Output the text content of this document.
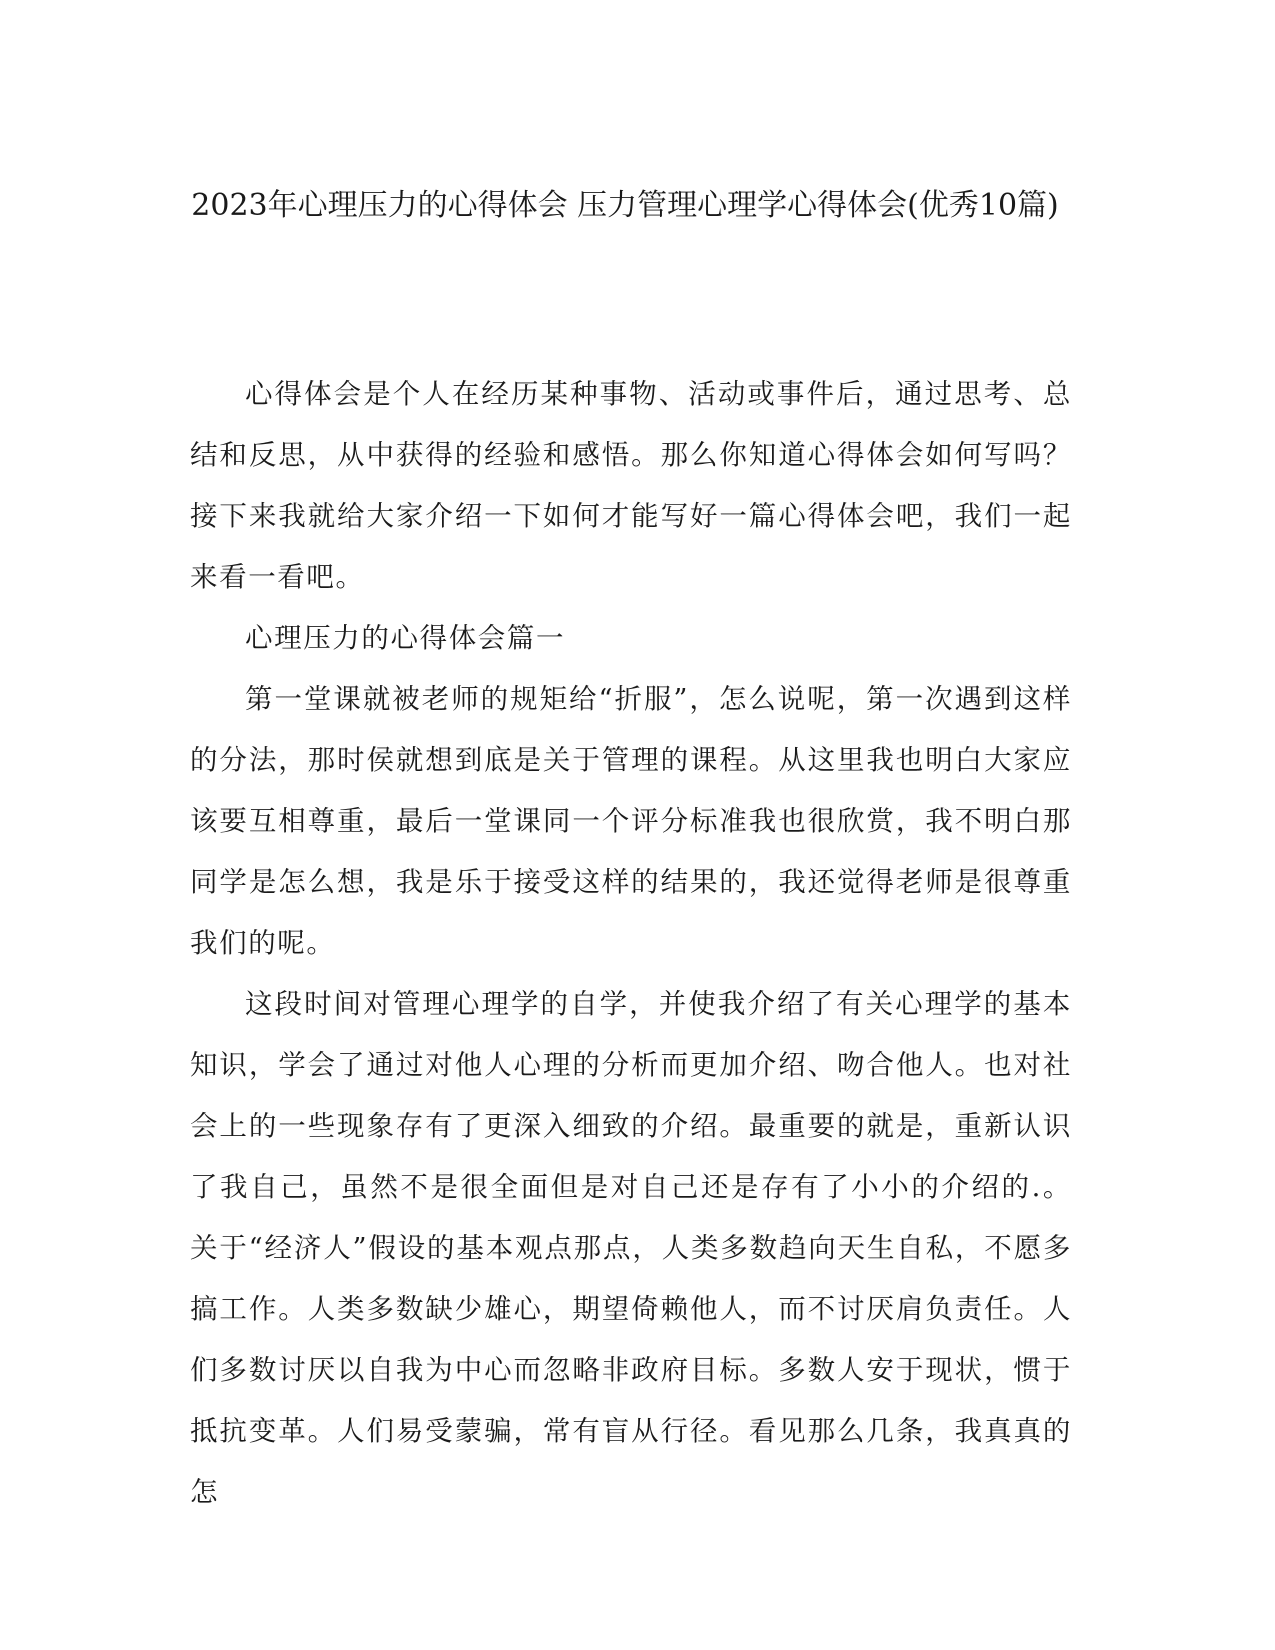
2023年心理压力的心得体会 压力管理心理学心得体会(优秀10篇)

心得体会是个人在经历某种事物、活动或事件后，通过思考、总结和反思，从中获得的经验和感悟。那么你知道心得体会如何写吗？接下来我就给大家介绍一下如何才能写好一篇心得体会吧，我们一起来看一看吧。

心理压力的心得体会篇一

第一堂课就被老师的规矩给“折服”，怎么说呢，第一次遇到这样的分法，那时侯就想到底是关于管理的课程。从这里我也明白大家应该要互相尊重，最后一堂课同一个评分标准我也很欣赏，我不明白那同学是怎么想，我是乐于接受这样的结果的，我还觉得老师是很尊重我们的呢。

这段时间对管理心理学的自学，并使我介绍了有关心理学的基本知识，学会了通过对他人心理的分析而更加介绍、吻合他人。也对社会上的一些现象存有了更深入细致的介绍。最重要的就是，重新认识了我自己，虽然不是很全面但是对自己还是存有了小小的介绍的.。关于“经济人”假设的基本观点那点，人类多数趋向天生自私，不愿多搞工作。人类多数缺少雄心，期望倚赖他人，而不讨厌肩负责任。人们多数讨厌以自我为中心而忽略非政府目标。多数人安于现状，惯于抵抗变革。人们易受蒙骗，常有盲从行径。看见那么几条，我真真的怎
